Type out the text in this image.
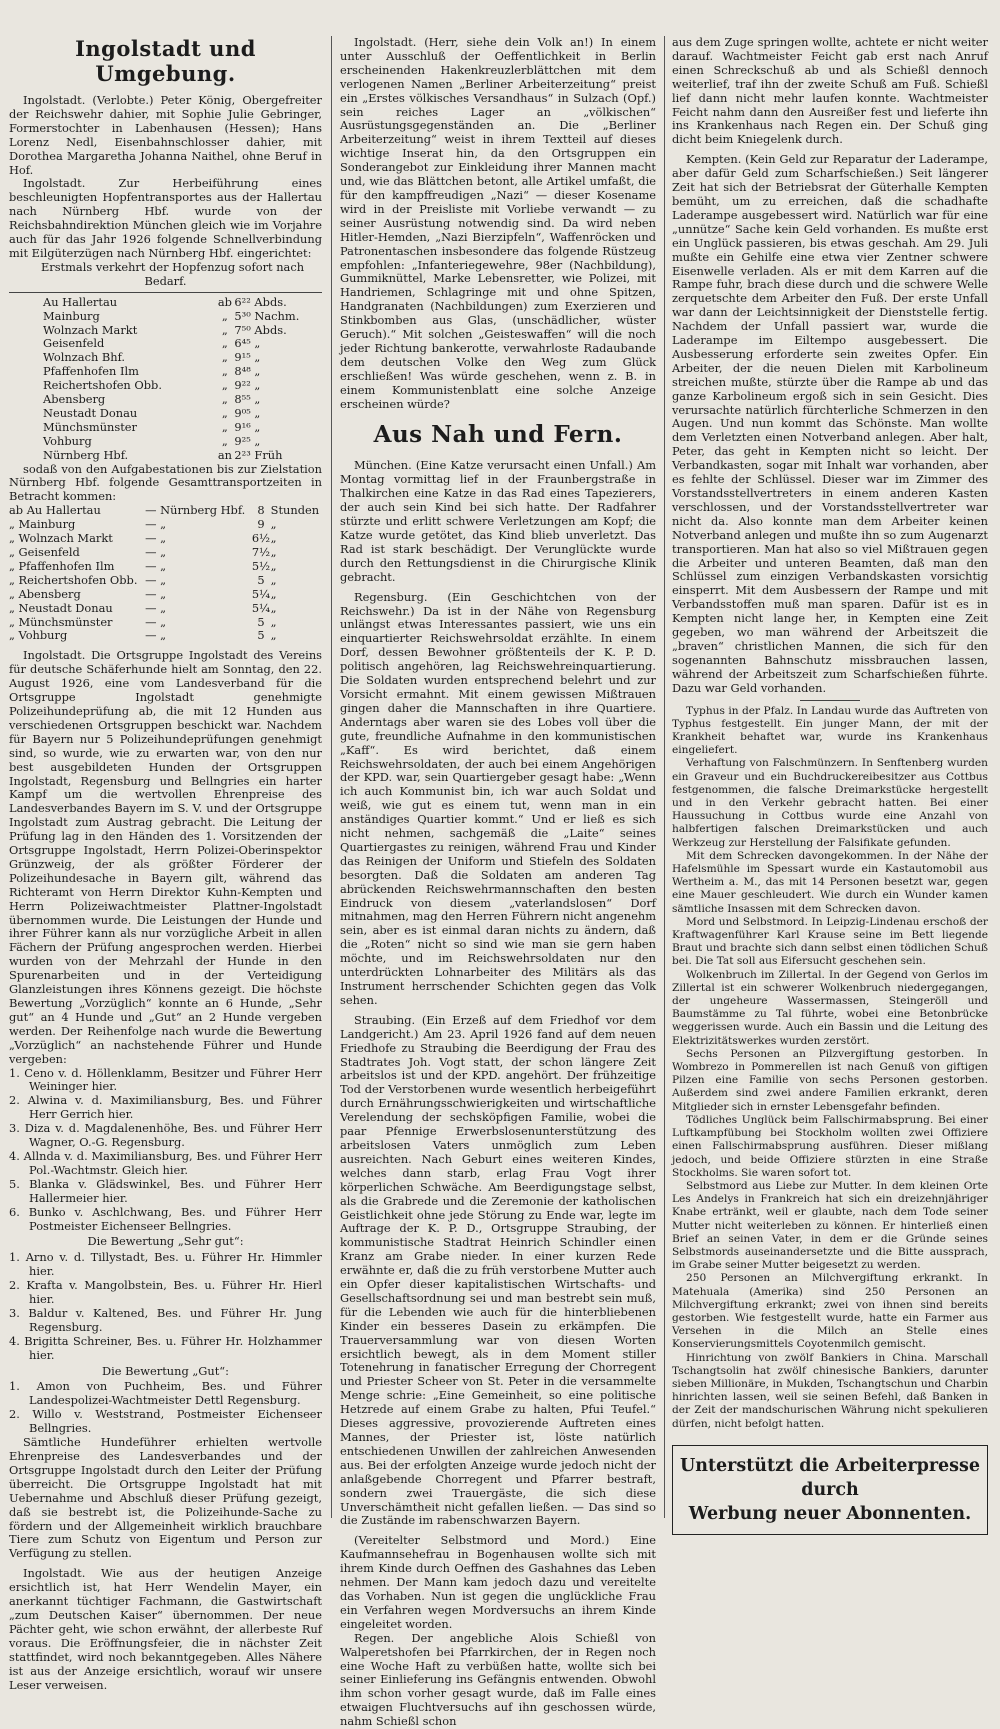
Ingolstadt und Umgebung.

Ingolstadt. (Verlobte.) Peter König, Obergefreiter der Reichswehr dahier, mit Sophie Julie Gebringer, Formerstochter in Labenhausen (Hessen); Hans Lorenz Nedl, Eisenbahnschlosser dahier, mit Dorothea Margaretha Johanna Naithel, ohne Beruf in Hof.

Ingolstadt. Zur Herbeiführung eines beschleunigten Hopfentransportes aus der Hallertau nach Nürnberg Hbf. wurde von der Reichsbahndirektion München gleich wie im Vorjahre auch für das Jahr 1926 folgende Schnellverbindung mit Eilgüterzügen nach Nürnberg Hbf. eingerichtet:

Erstmals verkehrt der Hopfenzug sofort nach Bedarf.

Au Hallertau	ab	6²² Abds.
Mainburg	„	5³⁰ Nachm.
Wolnzach Markt	„	7⁵⁰ Abds.
Geisenfeld	„	6⁴⁵ „
Wolnzach Bhf.	„	9¹⁵ „
Pfaffenhofen Ilm	„	8⁴⁸ „
Reichertshofen Obb.	„	9²² „
Abensberg	„	8⁵⁵ „
Neustadt Donau	„	9⁰⁵ „
Münchsmünster	„	9¹⁶ „
Vohburg	„	9²⁵ „
Nürnberg Hbf.	an	2²³ Früh

sodaß von den Aufgabestationen bis zur Zielstation Nürnberg Hbf. folgende Gesamttransportzeiten in Betracht kommen:

ab Au Hallertau	— Nürnberg Hbf.	8	Stunden
„ Mainburg	— „	9	„
„ Wolnzach Markt	— „	6½	„
„ Geisenfeld	— „	7½	„
„ Pfaffenhofen Ilm	— „	5½	„
„ Reichertshofen Obb.	— „	5	„
„ Abensberg	— „	5¼	„
„ Neustadt Donau	— „	5¼	„
„ Münchsmünster	— „	5	„
„ Vohburg	— „	5	„

Ingolstadt. Die Ortsgruppe Ingolstadt des Vereins für deutsche Schäferhunde hielt am Sonntag, den 22. August 1926, eine vom Landesverband für die Ortsgruppe Ingolstadt genehmigte Polizeihundeprüfung ab, die mit 12 Hunden aus verschiedenen Ortsgruppen beschickt war. Nachdem für Bayern nur 5 Polizeihundeprüfungen genehmigt sind, so wurde, wie zu erwarten war, von den nur best ausgebildeten Hunden der Ortsgruppen Ingolstadt, Regensburg und Bellngries ein harter Kampf um die wertvollen Ehrenpreise des Landesverbandes Bayern im S. V. und der Ortsgruppe Ingolstadt zum Austrag gebracht. Die Leitung der Prüfung lag in den Händen des 1. Vorsitzenden der Ortsgruppe Ingolstadt, Herrn Polizei-Oberinspektor Grünzweig, der als größter Förderer der Polizeihundesache in Bayern gilt, während das Richteramt von Herrn Direktor Kuhn-Kempten und Herrn Polizeiwachtmeister Plattner-Ingolstadt übernommen wurde. Die Leistungen der Hunde und ihrer Führer kann als nur vorzügliche Arbeit in allen Fächern der Prüfung angesprochen werden. Hierbei wurden von der Mehrzahl der Hunde in den Spurenarbeiten und in der Verteidigung Glanzleistungen ihres Könnens gezeigt. Die höchste Bewertung „Vorzüglich“ konnte an 6 Hunde, „Sehr gut“ an 4 Hunde und „Gut“ an 2 Hunde vergeben werden. Der Reihenfolge nach wurde die Bewertung „Vorzüglich“ an nachstehende Führer und Hunde vergeben:

1. Ceno v. d. Höllenklamm, Besitzer und Führer Herr Weininger hier.

2. Alwina v. d. Maximiliansburg, Bes. und Führer Herr Gerrich hier.

3. Diza v. d. Magdalenenhöhe, Bes. und Führer Herr Wagner, O.-G. Regensburg.

4. Allnda v. d. Maximiliansburg, Bes. und Führer Herr Pol.-Wachtmstr. Gleich hier.

5. Blanka v. Glädswinkel, Bes. und Führer Herr Hallermeier hier.

6. Bunko v. Aschlchwang, Bes. und Führer Herr Postmeister Eichenseer Bellngries.

Die Bewertung „Sehr gut“:

1. Arno v. d. Tillystadt, Bes. u. Führer Hr. Himmler hier.

2. Krafta v. Mangolbstein, Bes. u. Führer Hr. Hierl hier.

3. Baldur v. Kaltened, Bes. und Führer Hr. Jung Regensburg.

4. Brigitta Schreiner, Bes. u. Führer Hr. Holzhammer hier.

Die Bewertung „Gut“:

1. Amon von Puchheim, Bes. und Führer Landespolizei-Wachtmeister Dettl Regensburg.

2. Willo v. Weststrand, Postmeister Eichenseer Bellngries.

Sämtliche Hundeführer erhielten wertvolle Ehrenpreise des Landesverbandes und der Ortsgruppe Ingolstadt durch den Leiter der Prüfung überreicht. Die Ortsgruppe Ingolstadt hat mit Uebernahme und Abschluß dieser Prüfung gezeigt, daß sie bestrebt ist, die Polizeihunde-Sache zu fördern und der Allgemeinheit wirklich brauchbare Tiere zum Schutz von Eigentum und Person zur Verfügung zu stellen.

Ingolstadt. Wie aus der heutigen Anzeige ersichtlich ist, hat Herr Wendelin Mayer, ein anerkannt tüchtiger Fachmann, die Gastwirtschaft „zum Deutschen Kaiser“ übernommen. Der neue Pächter geht, wie schon erwähnt, der allerbeste Ruf voraus. Die Eröffnungsfeier, die in nächster Zeit stattfindet, wird noch bekanntgegeben. Alles Nähere ist aus der Anzeige ersichtlich, worauf wir unsere Leser verweisen.

Ingolstadt. (Herr, siehe dein Volk an!) In einem unter Ausschluß der Oeffentlichkeit in Berlin erscheinenden Hakenkreuzlerblättchen mit dem verlogenen Namen „Berliner Arbeiterzeitung“ preist ein „Erstes völkisches Versandhaus“ in Sulzach (Opf.) sein reiches Lager an „völkischen“ Ausrüstungsgegenständen an. Die „Berliner Arbeiterzeitung“ weist in ihrem Textteil auf dieses wichtige Inserat hin, da den Ortsgruppen ein Sonderangebot zur Einkleidung ihrer Mannen macht und, wie das Blättchen betont, alle Artikel umfaßt, die für den kampffreudigen „Nazi“ — dieser Kosename wird in der Preisliste mit Vorliebe verwandt — zu seiner Ausrüstung notwendig sind. Da wird neben Hitler-Hemden, „Nazi Bierzipfeln“, Waffenröcken und Patronentaschen insbesondere das folgende Rüstzeug empfohlen: „Infanteriegewehre, 98er (Nachbildung), Gummiknüttel, Marke Lebensretter, wie Polizei, mit Handriemen, Schlagringe mit und ohne Spitzen, Handgranaten (Nachbildungen) zum Exerzieren und Stinkbomben aus Glas, (unschädlicher, wüster Geruch).“ Mit solchen „Geisteswaffen“ will die noch jeder Richtung bankerotte, verwahrloste Radaubande dem deutschen Volke den Weg zum Glück erschließen! Was würde geschehen, wenn z. B. in einem Kommunistenblatt eine solche Anzeige erscheinen würde?

Aus Nah und Fern.

München. (Eine Katze verursacht einen Unfall.) Am Montag vormittag lief in der Fraunbergstraße in Thalkirchen eine Katze in das Rad eines Tapezierers, der auch sein Kind bei sich hatte. Der Radfahrer stürzte und erlitt schwere Verletzungen am Kopf; die Katze wurde getötet, das Kind blieb unverletzt. Das Rad ist stark beschädigt. Der Verunglückte wurde durch den Rettungsdienst in die Chirurgische Klinik gebracht.

Regensburg. (Ein Geschichtchen von der Reichswehr.) Da ist in der Nähe von Regensburg unlängst etwas Interessantes passiert, wie uns ein einquartierter Reichswehrsoldat erzählte. In einem Dorf, dessen Bewohner größtenteils der K. P. D. politisch angehören, lag Reichswehreinquartierung. Die Soldaten wurden entsprechend belehrt und zur Vorsicht ermahnt. Mit einem gewissen Mißtrauen gingen daher die Mannschaften in ihre Quartiere. Anderntags aber waren sie des Lobes voll über die gute, freundliche Aufnahme in den kommunistischen „Kaff“. Es wird berichtet, daß einem Reichswehrsoldaten, der auch bei einem Angehörigen der KPD. war, sein Quartiergeber gesagt habe: „Wenn ich auch Kommunist bin, ich war auch Soldat und weiß, wie gut es einem tut, wenn man in ein anständiges Quartier kommt.“ Und er ließ es sich nicht nehmen, sachgemäß die „Laite“ seines Quartiergastes zu reinigen, während Frau und Kinder das Reinigen der Uniform und Stiefeln des Soldaten besorgten. Daß die Soldaten am anderen Tag abrückenden Reichswehrmannschaften den besten Eindruck von diesem „vaterlandslosen“ Dorf mitnahmen, mag den Herren Führern nicht angenehm sein, aber es ist einmal daran nichts zu ändern, daß die „Roten“ nicht so sind wie man sie gern haben möchte, und im Reichswehrsoldaten nur den unterdrückten Lohnarbeiter des Militärs als das Instrument herrschender Schichten gegen das Volk sehen.

Straubing. (Ein Erzeß auf dem Friedhof vor dem Landgericht.) Am 23. April 1926 fand auf dem neuen Friedhofe zu Straubing die Beerdigung der Frau des Stadtrates Joh. Vogt statt, der schon längere Zeit arbeitslos ist und der KPD. angehört. Der frühzeitige Tod der Verstorbenen wurde wesentlich herbeigeführt durch Ernährungsschwierigkeiten und wirtschaftliche Verelendung der sechsköpfigen Familie, wobei die paar Pfennige Erwerbslosenunterstützung des arbeitslosen Vaters unmöglich zum Leben ausreichten. Nach Geburt eines weiteren Kindes, welches dann starb, erlag Frau Vogt ihrer körperlichen Schwäche. Am Beerdigungstage selbst, als die Grabrede und die Zeremonie der katholischen Geistlichkeit ohne jede Störung zu Ende war, legte im Auftrage der K. P. D., Ortsgruppe Straubing, der kommunistische Stadtrat Heinrich Schindler einen Kranz am Grabe nieder. In einer kurzen Rede erwähnte er, daß die zu früh verstorbene Mutter auch ein Opfer dieser kapitalistischen Wirtschafts- und Gesellschaftsordnung sei und man bestrebt sein muß, für die Lebenden wie auch für die hinterbliebenen Kinder ein besseres Dasein zu erkämpfen. Die Trauerversammlung war von diesen Worten ersichtlich bewegt, als in dem Moment stiller Totenehrung in fanatischer Erregung der Chorregent und Priester Scheer von St. Peter in die versammelte Menge schrie: „Eine Gemeinheit, so eine politische Hetzrede auf einem Grabe zu halten, Pfui Teufel.“ Dieses aggressive, provozierende Auftreten eines Mannes, der Priester ist, löste natürlich entschiedenen Unwillen der zahlreichen Anwesenden aus. Bei der erfolgten Anzeige wurde jedoch nicht der anlaßgebende Chorregent und Pfarrer bestraft, sondern zwei Trauergäste, die sich diese Unverschämtheit nicht gefallen ließen. — Das sind so die Zustände im rabenschwarzen Bayern.

(Vereitelter Selbstmord und Mord.) Eine Kaufmannsehefrau in Bogenhausen wollte sich mit ihrem Kinde durch Oeffnen des Gashahnes das Leben nehmen. Der Mann kam jedoch dazu und vereitelte das Vorhaben. Nun ist gegen die unglückliche Frau ein Verfahren wegen Mordversuchs an ihrem Kinde eingeleitet worden.

Regen. Der angebliche Alois Schießl von Walperetshofen bei Pfarrkirchen, der in Regen noch eine Woche Haft zu verbüßen hatte, wollte sich bei seiner Einlieferung ins Gefängnis entwenden. Obwohl ihm schon vorher gesagt wurde, daß im Falle eines etwaigen Fluchtversuchs auf ihn geschossen würde, nahm Schießl schon

aus dem Zuge springen wollte, achtete er nicht weiter darauf. Wachtmeister Feicht gab erst nach Anruf einen Schreckschuß ab und als Schießl dennoch weiterlief, traf ihn der zweite Schuß am Fuß. Schießl lief dann nicht mehr laufen konnte. Wachtmeister Feicht nahm dann den Ausreißer fest und lieferte ihn ins Krankenhaus nach Regen ein. Der Schuß ging dicht beim Kniegelenk durch.

Kempten. (Kein Geld zur Reparatur der Laderampe, aber dafür Geld zum Scharfschießen.) Seit längerer Zeit hat sich der Betriebsrat der Güterhalle Kempten bemüht, um zu erreichen, daß die schadhafte Laderampe ausgebessert wird. Natürlich war für eine „unnütze“ Sache kein Geld vorhanden. Es mußte erst ein Unglück passieren, bis etwas geschah. Am 29. Juli mußte ein Gehilfe eine etwa vier Zentner schwere Eisenwelle verladen. Als er mit dem Karren auf die Rampe fuhr, brach diese durch und die schwere Welle zerquetschte dem Arbeiter den Fuß. Der erste Unfall war dann der Leichtsinnigkeit der Dienststelle fertig. Nachdem der Unfall passiert war, wurde die Laderampe im Eiltempo ausgebessert. Die Ausbesserung erforderte sein zweites Opfer. Ein Arbeiter, der die neuen Dielen mit Karbolineum streichen mußte, stürzte über die Rampe ab und das ganze Karbolineum ergoß sich in sein Gesicht. Dies verursachte natürlich fürchterliche Schmerzen in den Augen. Und nun kommt das Schönste. Man wollte dem Verletzten einen Notverband anlegen. Aber halt, Peter, das geht in Kempten nicht so leicht. Der Verbandkasten, sogar mit Inhalt war vorhanden, aber es fehlte der Schlüssel. Dieser war im Zimmer des Vorstandsstellvertreters in einem anderen Kasten verschlossen, und der Vorstandsstellvertreter war nicht da. Also konnte man dem Arbeiter keinen Notverband anlegen und mußte ihn so zum Augenarzt transportieren. Man hat also so viel Mißtrauen gegen die Arbeiter und unteren Beamten, daß man den Schlüssel zum einzigen Verbandskasten vorsichtig einsperrt. Mit dem Ausbessern der Rampe und mit Verbandsstoffen muß man sparen. Dafür ist es in Kempten nicht lange her, in Kempten eine Zeit gegeben, wo man während der Arbeitszeit die „braven“ christlichen Mannen, die sich für den sogenannten Bahnschutz missbrauchen lassen, während der Arbeitszeit zum Scharfschießen führte. Dazu war Geld vorhanden.

Typhus in der Pfalz. In Landau wurde das Auftreten von Typhus festgestellt. Ein junger Mann, der mit der Krankheit behaftet war, wurde ins Krankenhaus eingeliefert.

Verhaftung von Falschmünzern. In Senftenberg wurden ein Graveur und ein Buchdruckereibesitzer aus Cottbus festgenommen, die falsche Dreimarkstücke hergestellt und in den Verkehr gebracht hatten. Bei einer Haussuchung in Cottbus wurde eine Anzahl von halbfertigen falschen Dreimarkstücken und auch Werkzeug zur Herstellung der Falsifikate gefunden.

Mit dem Schrecken davongekommen. In der Nähe der Hafelsmühle im Spessart wurde ein Kastautomobil aus Wertheim a. M., das mit 14 Personen besetzt war, gegen eine Mauer geschleudert. Wie durch ein Wunder kamen sämtliche Insassen mit dem Schrecken davon.

Mord und Selbstmord. In Leipzig-Lindenau erschoß der Kraftwagenführer Karl Krause seine im Bett liegende Braut und brachte sich dann selbst einen tödlichen Schuß bei. Die Tat soll aus Eifersucht geschehen sein.

Wolkenbruch im Zillertal. In der Gegend von Gerlos im Zillertal ist ein schwerer Wolkenbruch niedergegangen, der ungeheure Wassermassen, Steingeröll und Baumstämme zu Tal führte, wobei eine Betonbrücke weggerissen wurde. Auch ein Bassin und die Leitung des Elektrizitätswerkes wurden zerstört.

Sechs Personen an Pilzvergiftung gestorben. In Wombrezo in Pommerellen ist nach Genuß von giftigen Pilzen eine Familie von sechs Personen gestorben. Außerdem sind zwei andere Familien erkrankt, deren Mitglieder sich in ernster Lebensgefahr befinden.

Tödliches Unglück beim Fallschirmabsprung. Bei einer Luftkampfübung bei Stockholm wollten zwei Offiziere einen Fallschirmabsprung ausführen. Dieser mißlang jedoch, und beide Offiziere stürzten in eine Straße Stockholms. Sie waren sofort tot.

Selbstmord aus Liebe zur Mutter. In dem kleinen Orte Les Andelys in Frankreich hat sich ein dreizehnjähriger Knabe ertränkt, weil er glaubte, nach dem Tode seiner Mutter nicht weiterleben zu können. Er hinterließ einen Brief an seinen Vater, in dem er die Gründe seines Selbstmords auseinandersetzte und die Bitte aussprach, im Grabe seiner Mutter beigesetzt zu werden.

250 Personen an Milchvergiftung erkrankt. In Matehuala (Amerika) sind 250 Personen an Milchvergiftung erkrankt; zwei von ihnen sind bereits gestorben. Wie festgestellt wurde, hatte ein Farmer aus Versehen in die Milch an Stelle eines Konservierungsmittels Coyotenmilch gemischt.

Hinrichtung von zwölf Bankiers in China. Marschall Tschangtsolin hat zwölf chinesische Bankiers, darunter sieben Millionäre, in Mukden, Tschangtschun und Charbin hinrichten lassen, weil sie seinen Befehl, daß Banken in der Zeit der mandschurischen Währung nicht spekulieren dürfen, nicht befolgt hatten.

Unterstützt die Arbeiterpresse durch
Werbung neuer Abonnenten.
